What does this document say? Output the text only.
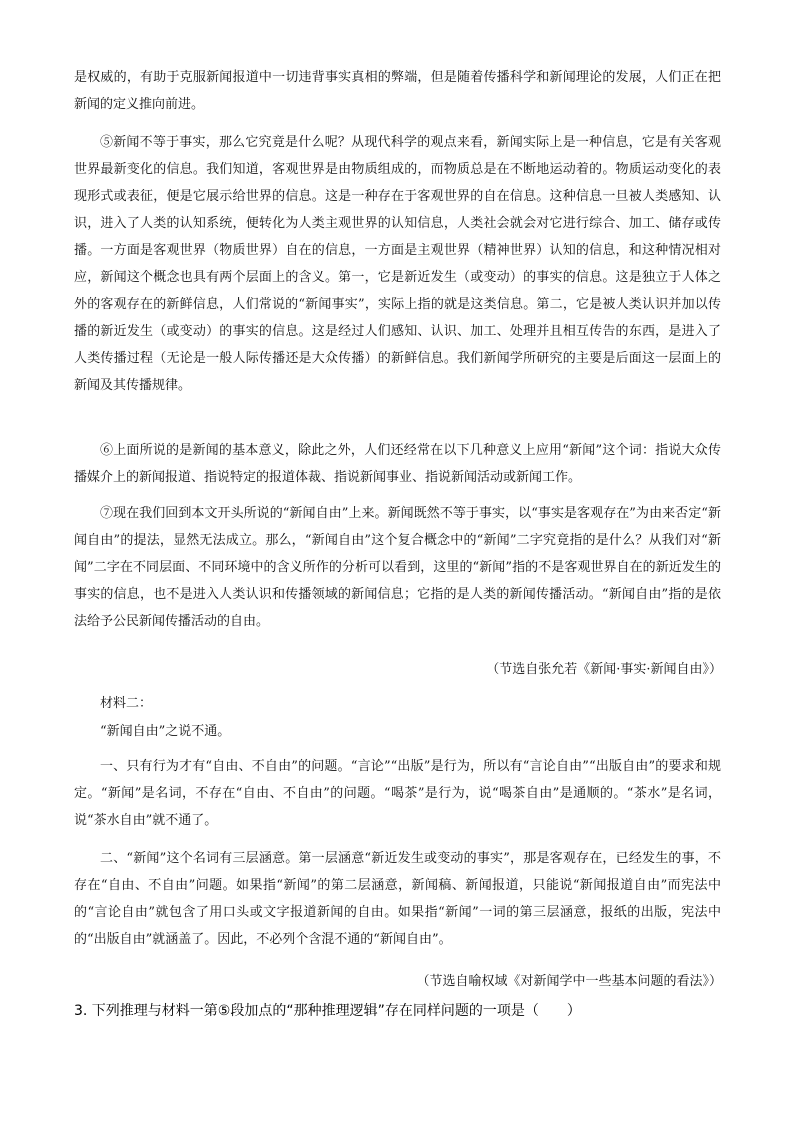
是权威的，有助于克服新闻报道中一切违背事实真相的弊端，但是随着传播科学和新闻理论的发展，人们正在把新闻的定义推向前进。

⑤新闻不等于事实，那么它究竟是什么呢？从现代科学的观点来看，新闻实际上是一种信息，它是有关客观世界最新变化的信息。我们知道，客观世界是由物质组成的，而物质总是在不断地运动着的。物质运动变化的表现形式或表征，便是它展示给世界的信息。这是一种存在于客观世界的自在信息。这种信息一旦被人类感知、认识，进入了人类的认知系统，便转化为人类主观世界的认知信息，人类社会就会对它进行综合、加工、储存或传播。一方面是客观世界（物质世界）自在的信息，一方面是主观世界（精神世界）认知的信息，和这种情况相对应，新闻这个概念也具有两个层面上的含义。第一，它是新近发生（或变动）的事实的信息。这是独立于人体之外的客观存在的新鲜信息，人们常说的“新闻事实”，实际上指的就是这类信息。第二，它是被人类认识并加以传播的新近发生（或变动）的事实的信息。这是经过人们感知、认识、加工、处理并且相互传告的东西，是进入了人类传播过程（无论是一般人际传播还是大众传播）的新鲜信息。我们新闻学所研究的主要是后面这一层面上的新闻及其传播规律。

⑥上面所说的是新闻的基本意义，除此之外，人们还经常在以下几种意义上应用“新闻”这个词：指说大众传播媒介上的新闻报道、指说特定的报道体裁、指说新闻事业、指说新闻活动或新闻工作。

⑦现在我们回到本文开头所说的“新闻自由”上来。新闻既然不等于事实，以“事实是客观存在”为由来否定“新闻自由”的提法，显然无法成立。那么，“新闻自由”这个复合概念中的“新闻”二字究竟指的是什么？从我们对“新闻”二字在不同层面、不同环境中的含义所作的分析可以看到，这里的“新闻”指的不是客观世界自在的新近发生的事实的信息，也不是进入人类认识和传播领域的新闻信息；它指的是人类的新闻传播活动。“新闻自由”指的是依法给予公民新闻传播活动的自由。

（节选自张允若《新闻·事实·新闻自由》）

材料二：

“新闻自由”之说不通。

一、只有行为才有“自由、不自由”的问题。“言论”“出版”是行为，所以有“言论自由”“出版自由”的要求和规定。“新闻”是名词，不存在“自由、不自由”的问题。“喝茶”是行为，说“喝茶自由”是通顺的。“茶水”是名词，说“茶水自由”就不通了。

二、“新闻”这个名词有三层涵意。第一层涵意“新近发生或变动的事实”，那是客观存在，已经发生的事，不存在“自由、不自由”问题。如果指“新闻”的第二层涵意，新闻稿、新闻报道，只能说“新闻报道自由”而宪法中的“言论自由”就包含了用口头或文字报道新闻的自由。如果指“新闻”一词的第三层涵意，报纸的出版，宪法中的“出版自由”就涵盖了。因此，不必列个含混不通的“新闻自由”。

（节选自喻权域《对新闻学中一些基本问题的看法》）

3. 下列推理与材料一第⑤段加点的“那种推理逻辑”存在同样问题的一项是（　　）
